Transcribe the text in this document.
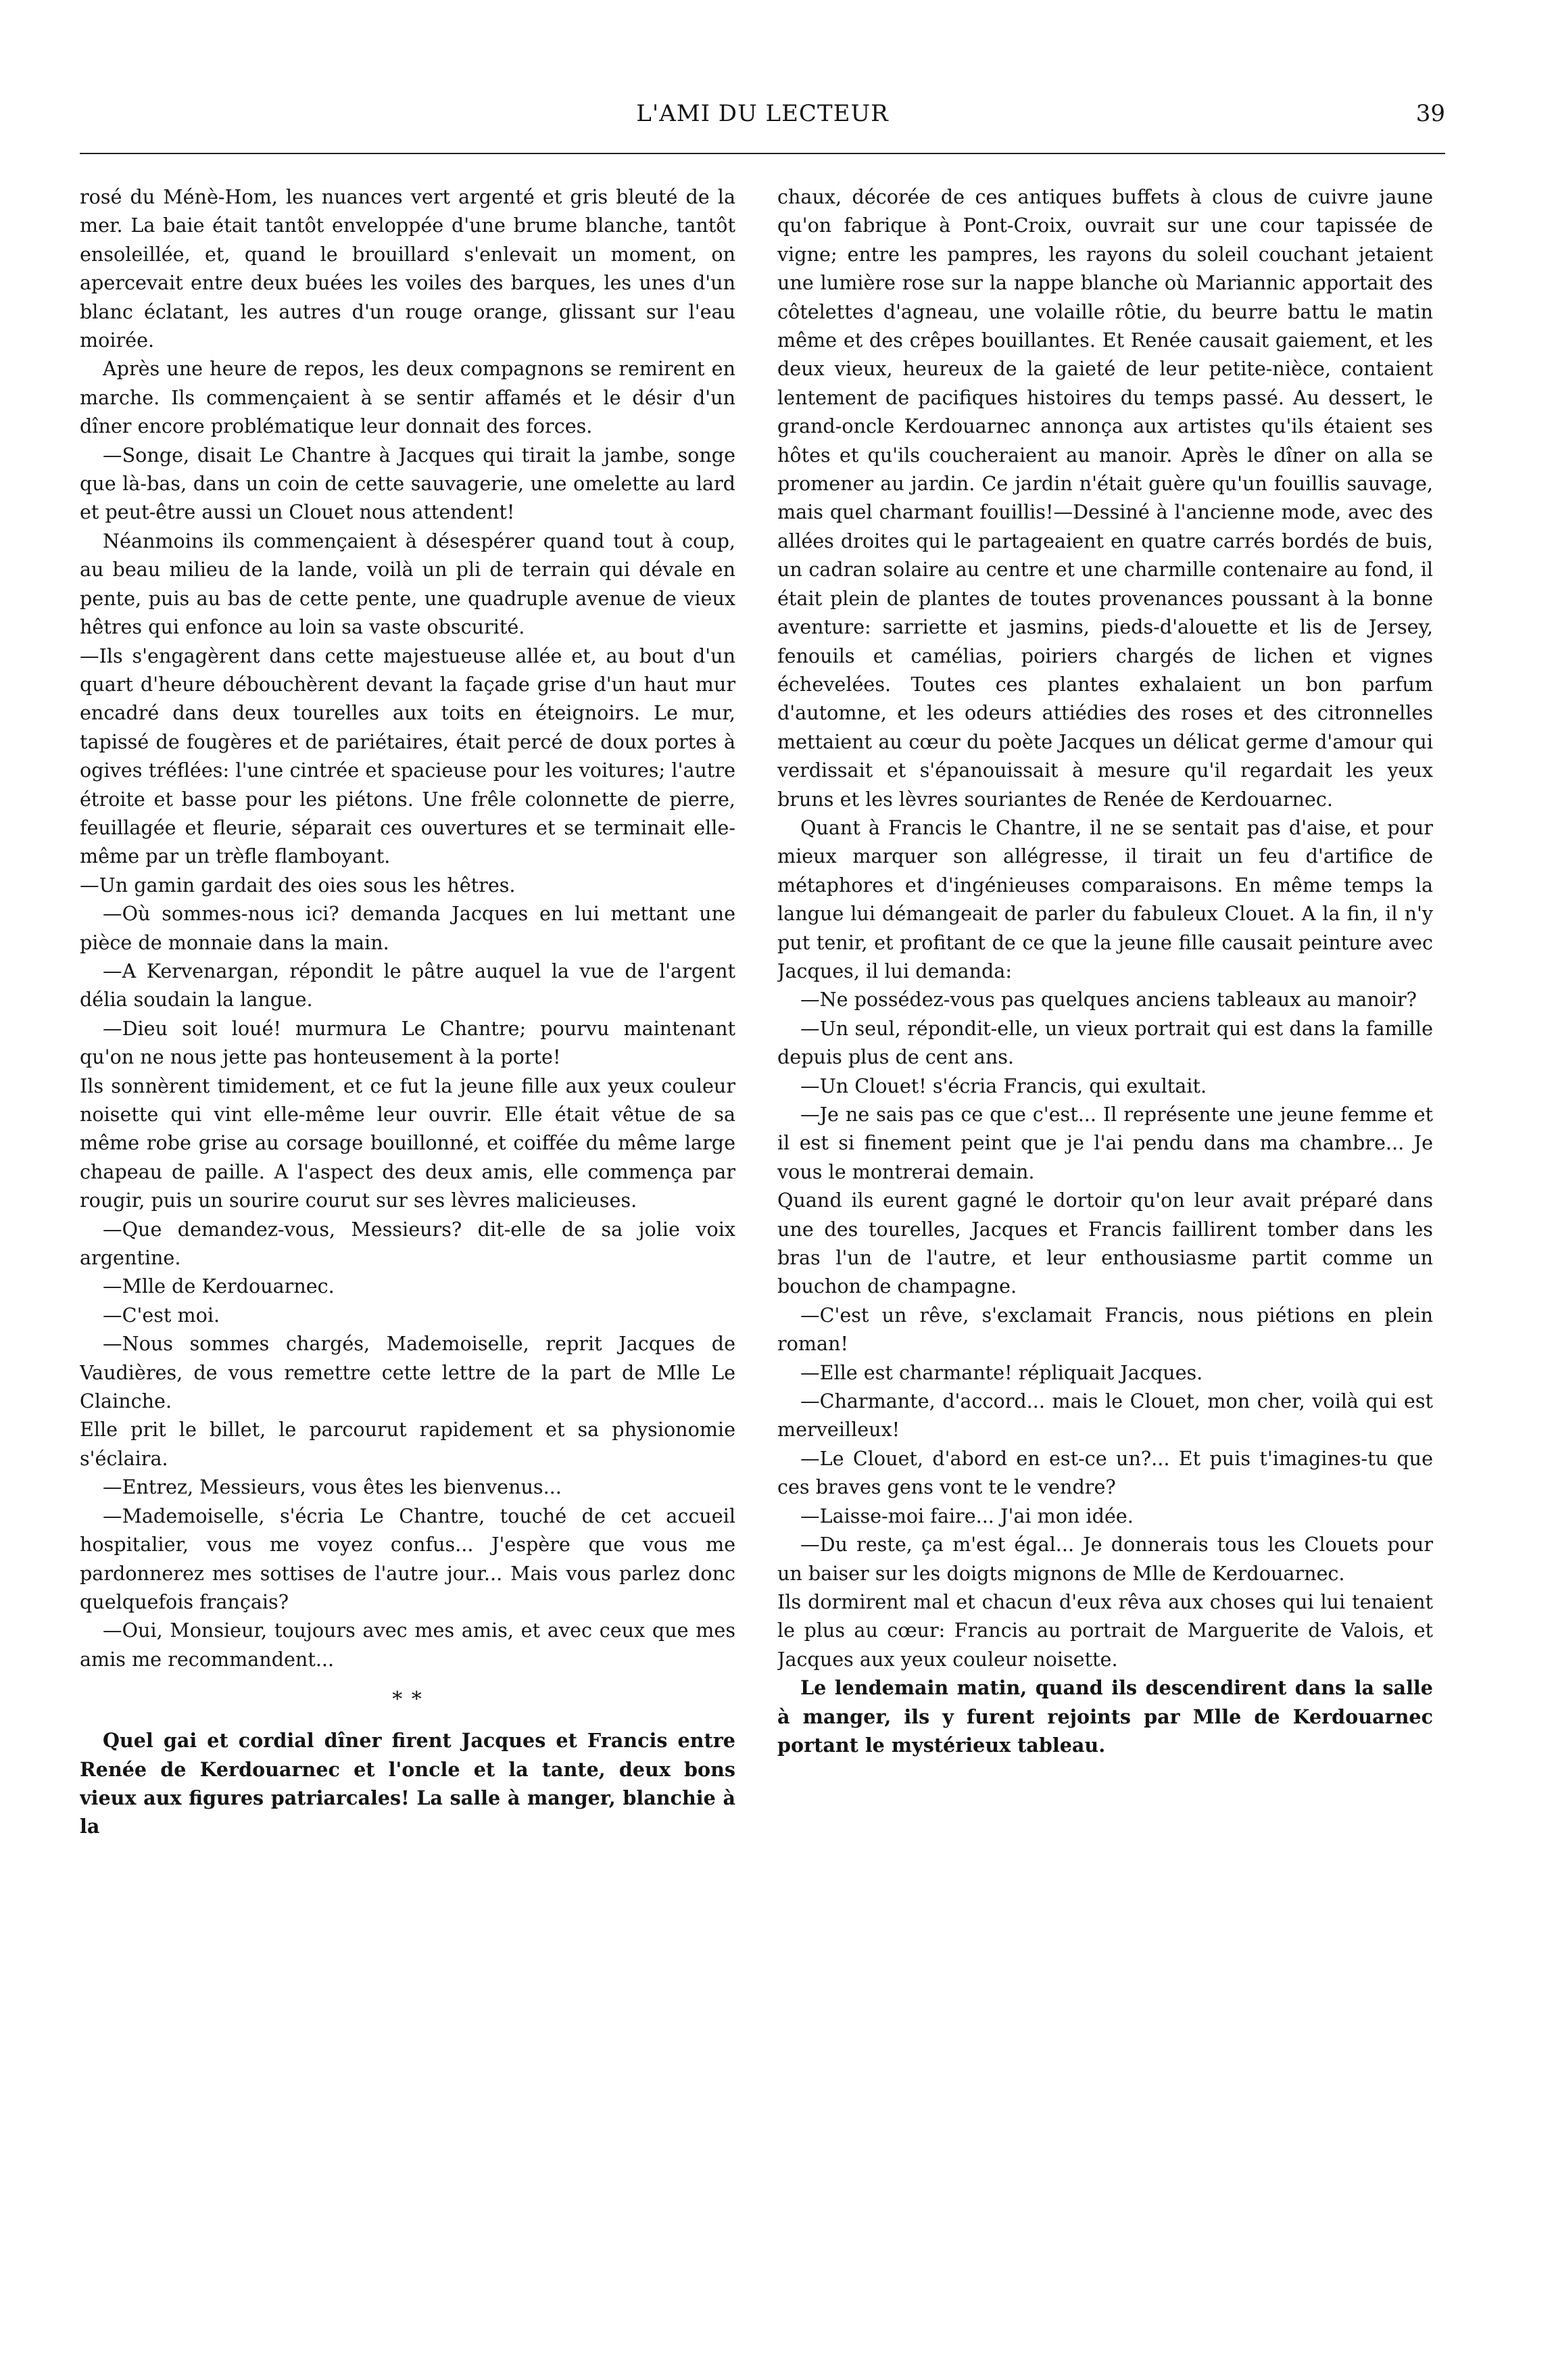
L'AMI DU LECTEUR	39

rosé du Ménè-Hom, les nuances vert argenté et gris bleuté de la mer. La baie était tantôt enveloppée d'une brume blanche, tantôt ensoleillée, et, quand le brouillard s'enlevait un moment, on apercevait entre deux buées les voiles des barques, les unes d'un blanc éclatant, les autres d'un rouge orange, glissant sur l'eau moirée.

Après une heure de repos, les deux compagnons se remirent en marche. Ils commençaient à se sentir affamés et le désir d'un dîner encore problématique leur donnait des forces.

—Songe, disait Le Chantre à Jacques qui tirait la jambe, songe que là-bas, dans un coin de cette sauvagerie, une omelette au lard et peut-être aussi un Clouet nous attendent!

Néanmoins ils commençaient à désespérer quand tout à coup, au beau milieu de la lande, voilà un pli de terrain qui dévale en pente, puis au bas de cette pente, une quadruple avenue de vieux hêtres qui enfonce au loin sa vaste obscurité.

—Ils s'engagèrent dans cette majestueuse allée et, au bout d'un quart d'heure débouchèrent devant la façade grise d'un haut mur encadré dans deux tourelles aux toits en éteignoirs. Le mur, tapissé de fougères et de pariétaires, était percé de doux portes à ogives tréflées: l'une cintrée et spacieuse pour les voitures; l'autre étroite et basse pour les piétons. Une frêle colonnette de pierre, feuillagée et fleurie, séparait ces ouvertures et se terminait elle-même par un trèfle flamboyant.

—Un gamin gardait des oies sous les hêtres.

—Où sommes-nous ici? demanda Jacques en lui mettant une pièce de monnaie dans la main.

—A Kervenargan, répondit le pâtre auquel la vue de l'argent délia soudain la langue.

—Dieu soit loué! murmura Le Chantre; pourvu maintenant qu'on ne nous jette pas honteusement à la porte!

Ils sonnèrent timidement, et ce fut la jeune fille aux yeux couleur noisette qui vint elle-même leur ouvrir. Elle était vêtue de sa même robe grise au corsage bouillonné, et coiffée du même large chapeau de paille. A l'aspect des deux amis, elle commença par rougir, puis un sourire courut sur ses lèvres malicieuses.

—Que demandez-vous, Messieurs? dit-elle de sa jolie voix argentine.

—Mlle de Kerdouarnec.

—C'est moi.

—Nous sommes chargés, Mademoiselle, reprit Jacques de Vaudières, de vous remettre cette lettre de la part de Mlle Le Clainche.

Elle prit le billet, le parcourut rapidement et sa physionomie s'éclaira.

—Entrez, Messieurs, vous êtes les bienvenus...

—Mademoiselle, s'écria Le Chantre, touché de cet accueil hospitalier, vous me voyez confus... J'espère que vous me pardonnerez mes sottises de l'autre jour... Mais vous parlez donc quelquefois français?

—Oui, Monsieur, toujours avec mes amis, et avec ceux que mes amis me recommandent...

* *

Quel gai et cordial dîner firent Jacques et Francis entre Renée de Kerdouarnec et l'oncle et la tante, deux bons vieux aux figures patriarcales! La salle à manger, blanchie à la

chaux, décorée de ces antiques buffets à clous de cuivre jaune qu'on fabrique à Pont-Croix, ouvrait sur une cour tapissée de vigne; entre les pampres, les rayons du soleil couchant jetaient une lumière rose sur la nappe blanche où Mariannic apportait des côtelettes d'agneau, une volaille rôtie, du beurre battu le matin même et des crêpes bouillantes. Et Renée causait gaiement, et les deux vieux, heureux de la gaieté de leur petite-nièce, contaient lentement de pacifiques histoires du temps passé. Au dessert, le grand-oncle Kerdouarnec annonça aux artistes qu'ils étaient ses hôtes et qu'ils coucheraient au manoir. Après le dîner on alla se promener au jardin. Ce jardin n'était guère qu'un fouillis sauvage, mais quel charmant fouillis!—Dessiné à l'ancienne mode, avec des allées droites qui le partageaient en quatre carrés bordés de buis, un cadran solaire au centre et une charmille contenaire au fond, il était plein de plantes de toutes provenances poussant à la bonne aventure: sarriette et jasmins, pieds-d'alouette et lis de Jersey, fenouils et camélias, poiriers chargés de lichen et vignes échevelées. Toutes ces plantes exhalaient un bon parfum d'automne, et les odeurs attiédies des roses et des citronnelles mettaient au cœur du poète Jacques un délicat germe d'amour qui verdissait et s'épanouissait à mesure qu'il regardait les yeux bruns et les lèvres souriantes de Renée de Kerdouarnec.

Quant à Francis le Chantre, il ne se sentait pas d'aise, et pour mieux marquer son allégresse, il tirait un feu d'artifice de métaphores et d'ingénieuses comparaisons. En même temps la langue lui démangeait de parler du fabuleux Clouet. A la fin, il n'y put tenir, et profitant de ce que la jeune fille causait peinture avec Jacques, il lui demanda:

—Ne possédez-vous pas quelques anciens tableaux au manoir?

—Un seul, répondit-elle, un vieux portrait qui est dans la famille depuis plus de cent ans.

—Un Clouet! s'écria Francis, qui exultait.

—Je ne sais pas ce que c'est... Il représente une jeune femme et il est si finement peint que je l'ai pendu dans ma chambre... Je vous le montrerai demain.

Quand ils eurent gagné le dortoir qu'on leur avait préparé dans une des tourelles, Jacques et Francis faillirent tomber dans les bras l'un de l'autre, et leur enthousiasme partit comme un bouchon de champagne.

—C'est un rêve, s'exclamait Francis, nous piétions en plein roman!

—Elle est charmante! répliquait Jacques.

—Charmante, d'accord... mais le Clouet, mon cher, voilà qui est merveilleux!

—Le Clouet, d'abord en est-ce un?... Et puis t'imagines-tu que ces braves gens vont te le vendre?

—Laisse-moi faire... J'ai mon idée.

—Du reste, ça m'est égal... Je donnerais tous les Clouets pour un baiser sur les doigts mignons de Mlle de Kerdouarnec.

Ils dormirent mal et chacun d'eux rêva aux choses qui lui tenaient le plus au cœur: Francis au portrait de Marguerite de Valois, et Jacques aux yeux couleur noisette.

Le lendemain matin, quand ils descendirent dans la salle à manger, ils y furent rejoints par Mlle de Kerdouarnec portant le mystérieux tableau.
